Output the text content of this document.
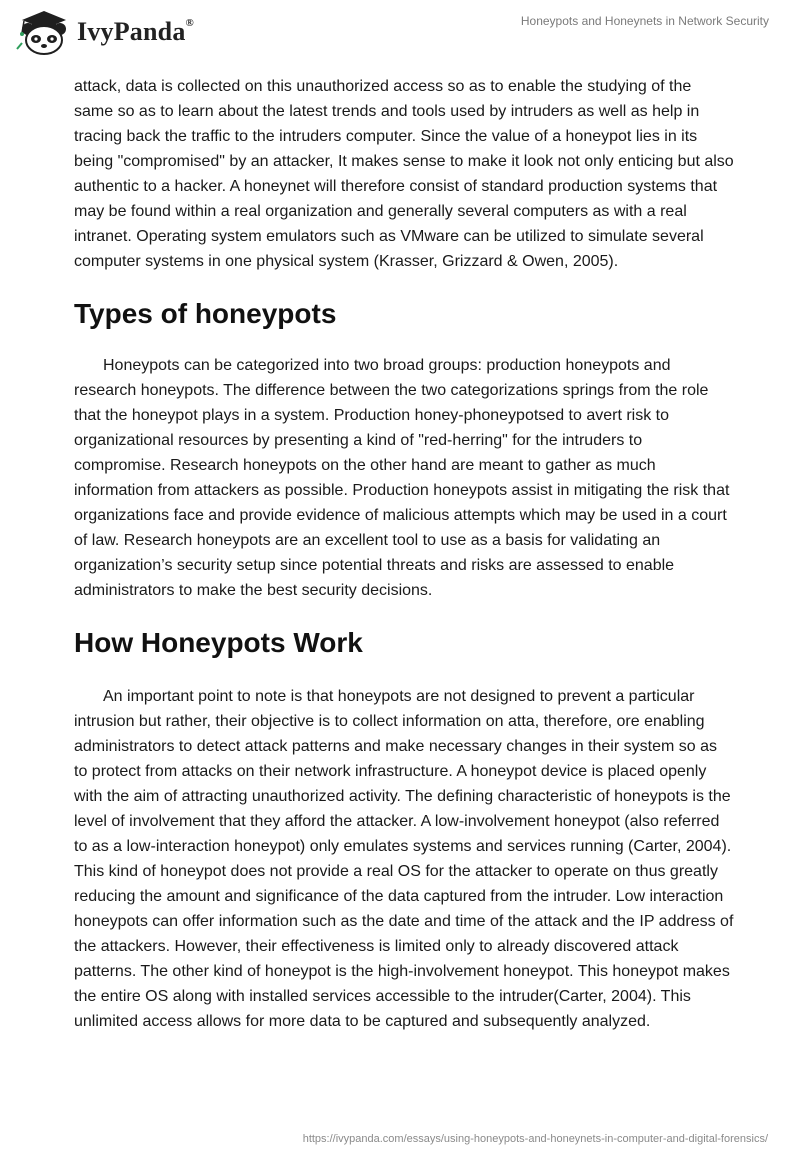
IvyPanda®	Honeypots and Honeynets in Network Security

attack, data is collected on this unauthorized access so as to enable the studying of the same so as to learn about the latest trends and tools used by intruders as well as help in tracing back the traffic to the intruders computer. Since the value of a honeypot lies in its being "compromised" by an attacker, It makes sense to make it look not only enticing but also authentic to a hacker. A honeynet will therefore consist of standard production systems that may be found within a real organization and generally several computers as with a real intranet. Operating system emulators such as VMware can be utilized to simulate several computer systems in one physical system (Krasser, Grizzard & Owen, 2005).

Types of honeypots

Honeypots can be categorized into two broad groups: production honeypots and research honeypots. The difference between the two categorizations springs from the role that the honeypot plays in a system. Production honey-phoneypotsed to avert risk to organizational resources by presenting a kind of "red-herring" for the intruders to compromise. Research honeypots on the other hand are meant to gather as much information from attackers as possible. Production honeypots assist in mitigating the risk that organizations face and provide evidence of malicious attempts which may be used in a court of law. Research honeypots are an excellent tool to use as a basis for validating an organization’s security setup since potential threats and risks are assessed to enable administrators to make the best security decisions.

How Honeypots Work

An important point to note is that honeypots are not designed to prevent a particular intrusion but rather, their objective is to collect information on atta, therefore, ore enabling administrators to detect attack patterns and make necessary changes in their system so as to protect from attacks on their network infrastructure. A honeypot device is placed openly with the aim of attracting unauthorized activity. The defining characteristic of honeypots is the level of involvement that they afford the attacker. A low-involvement honeypot (also referred to as a low-interaction honeypot) only emulates systems and services running (Carter, 2004). This kind of honeypot does not provide a real OS for the attacker to operate on thus greatly reducing the amount and significance of the data captured from the intruder. Low interaction honeypots can offer information such as the date and time of the attack and the IP address of the attackers. However, their effectiveness is limited only to already discovered attack patterns. The other kind of honeypot is the high-involvement honeypot. This honeypot makes the entire OS along with installed services accessible to the intruder(Carter, 2004). This unlimited access allows for more data to be captured and subsequently analyzed.

https://ivypanda.com/essays/using-honeypots-and-honeynets-in-computer-and-digital-forensics/
